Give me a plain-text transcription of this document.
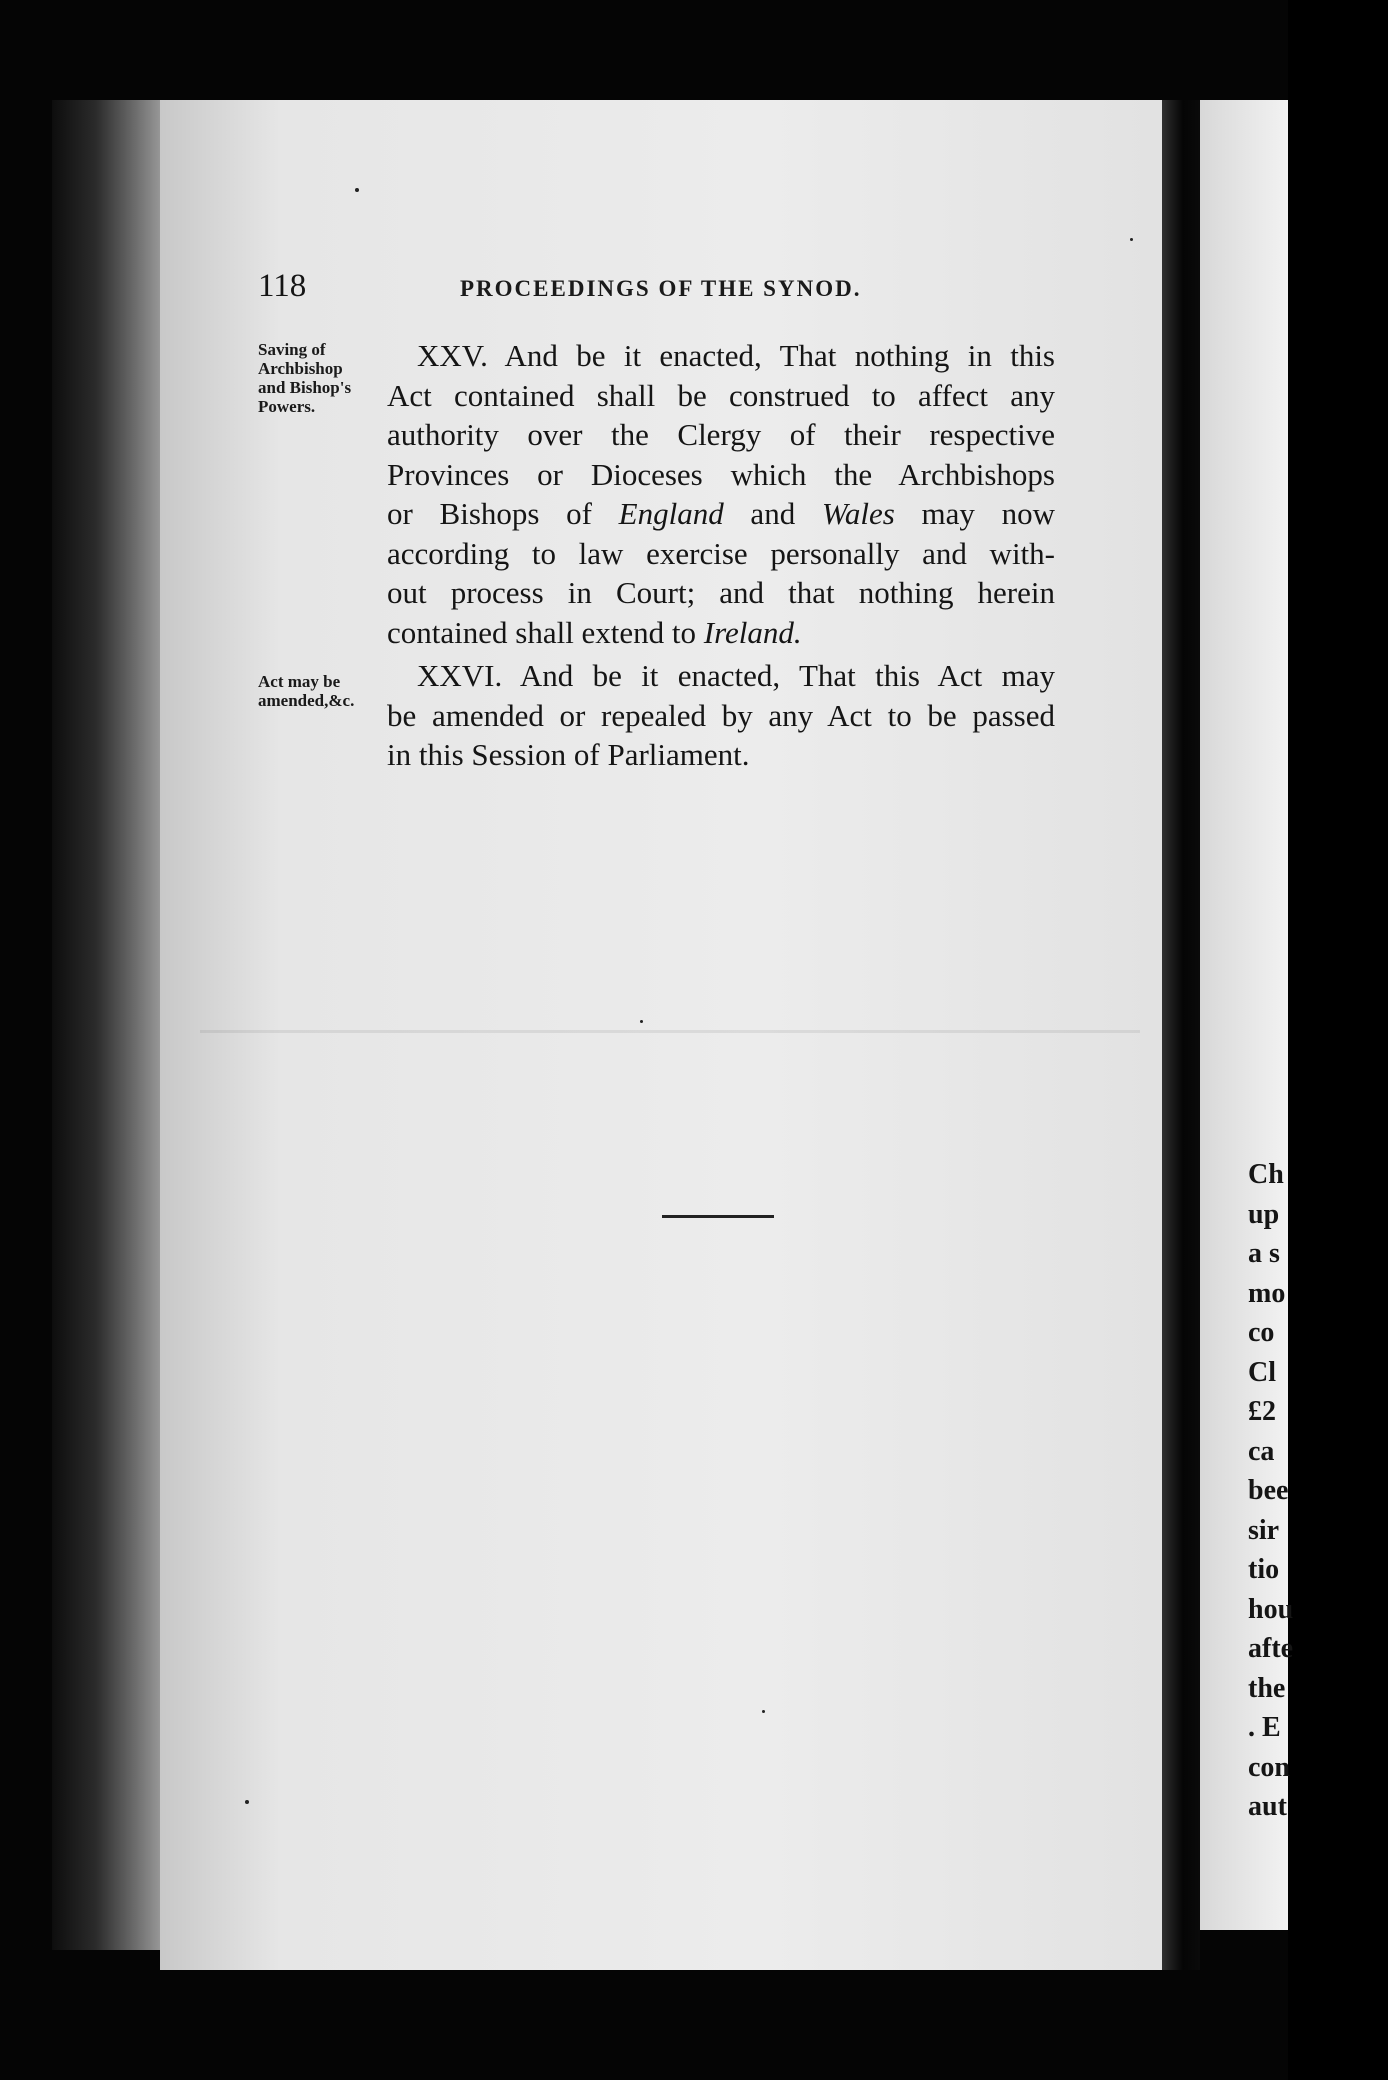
Ch
up
a s
mo
co
Cl
£2
ca
bee
sir
tio
hou
afte
the
. E
con
aut
118	PROCEEDINGS OF THE SYNOD.
Saving of
Archbishop
and Bishop's
Powers.
Act may be
amended,&c.
XXV. And be it enacted, That nothing in this
Act contained shall be construed to affect any
authority over the Clergy of their respective
Provinces or Dioceses which the Archbishops
or Bishops of England and Wales may now
according to law exercise personally and with-
out process in Court; and that nothing herein
contained shall extend to Ireland.
XXVI. And be it enacted, That this Act may
be amended or repealed by any Act to be passed
in this Session of Parliament.
